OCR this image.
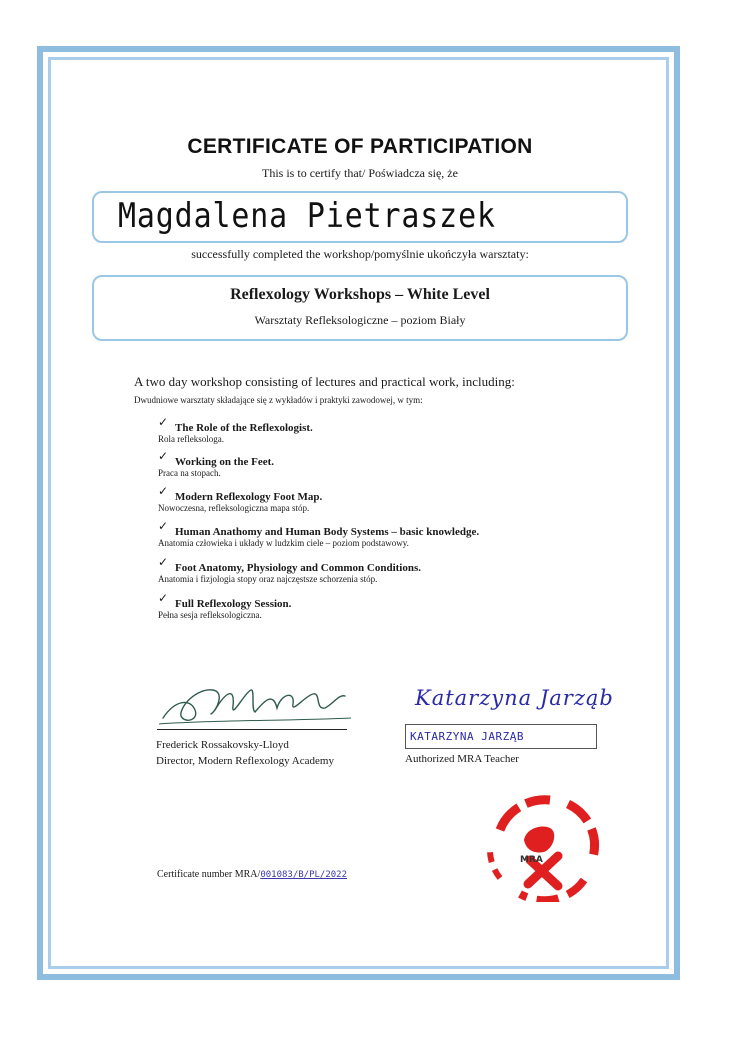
CERTIFICATE OF PARTICIPATION
This is to certify that/ Poświadcza się, że
Magdalena Pietraszek
successfully completed the workshop/pomyślnie ukończyła warsztaty:
Reflexology Workshops – White Level
Warsztaty Refleksologiczne – poziom Biały
A two day workshop consisting of lectures and practical work, including:
Dwudniowe warsztaty składające się z wykładów i praktyki zawodowej, w tym:
✓ The Role of the Reflexologist.
Rola refleksologa.
✓ Working on the Feet.
Praca na stopach.
✓ Modern Reflexology Foot Map.
Nowoczesna, refleksologiczna mapa stóp.
✓ Human Anathomy and Human Body Systems – basic knowledge.
Anatomia człowieka i układy w ludzkim ciele – poziom podstawowy.
✓ Foot Anatomy, Physiology and Common Conditions.
Anatomia i fizjologia stopy oraz najczęstsze schorzenia stóp.
✓ Full Reflexology Session.
Pełna sesja refleksologiczna.
Frederick Rossakovsky-Lloyd
Director, Modern Reflexology Academy
Katarzyna Jarząb
KATARZYNA JARZĄB
Authorized MRA Teacher
MRA
Certificate number MRA/00​1083/B/PL/2022
